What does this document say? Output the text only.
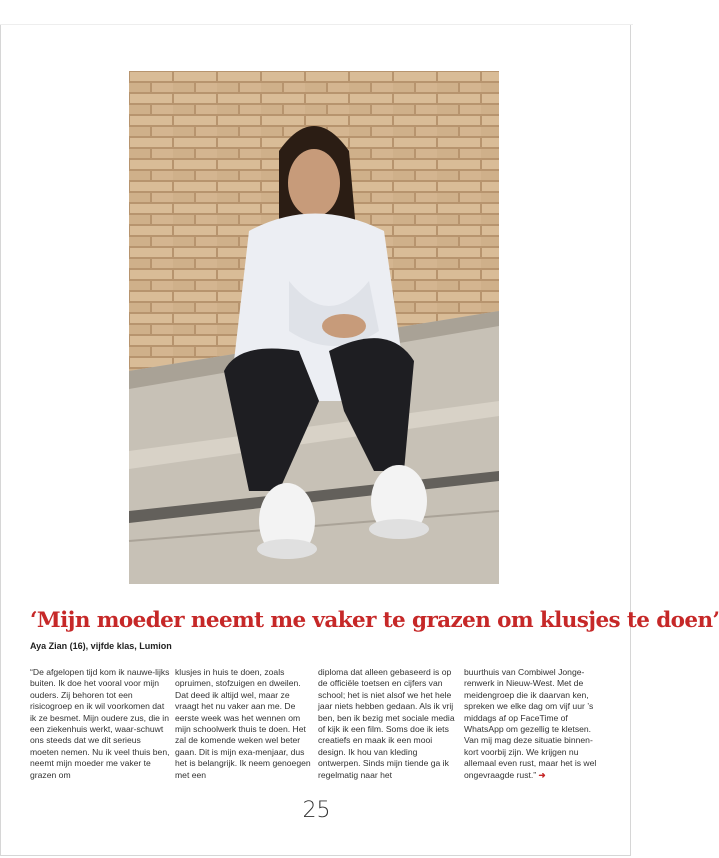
‘Mijn moeder neemt me vaker te grazen om klusjes te doen’
Aya Zian (16), vijfde klas, Lumion

“De afgelopen tijd kom ik nauwe-lijks buiten. Ik doe het vooral voor mijn ouders. Zij behoren tot een risicogroep en ik wil voorkomen dat ik ze besmet. Mijn oudere zus, die in een ziekenhuis werkt, waar-schuwt ons steeds dat we dit serieus moeten nemen. Nu ik veel thuis ben, neemt mijn moeder me vaker te grazen om

klusjes in huis te doen, zoals opruimen, stofzuigen en dweilen. Dat deed ik altijd wel, maar ze vraagt het nu vaker aan me. De eerste week was het wennen om mijn schoolwerk thuis te doen. Het zal de komende weken wel beter gaan. Dit is mijn exa-menjaar, dus het is belangrijk. Ik neem genoegen met een

diploma dat alleen gebaseerd is op de officiële toetsen en cijfers van school; het is niet alsof we het hele jaar niets hebben gedaan. Als ik vrij ben, ben ik bezig met sociale media of kijk ik een film. Soms doe ik iets creatiefs en maak ik een mooi design. Ik hou van kleding ontwerpen. Sinds mijn tiende ga ik regelmatig naar het

buurthuis van Combiwel Jonge-renwerk in Nieuw-West. Met de meidengroep die ik daarvan ken, spreken we elke dag om vijf uur ’s middags af op FaceTime of WhatsApp om gezellig te kletsen. Van mij mag deze situatie binnen-kort voorbij zijn. We krijgen nu allemaal even rust, maar het is wel ongevraagde rust.” ➜

25
